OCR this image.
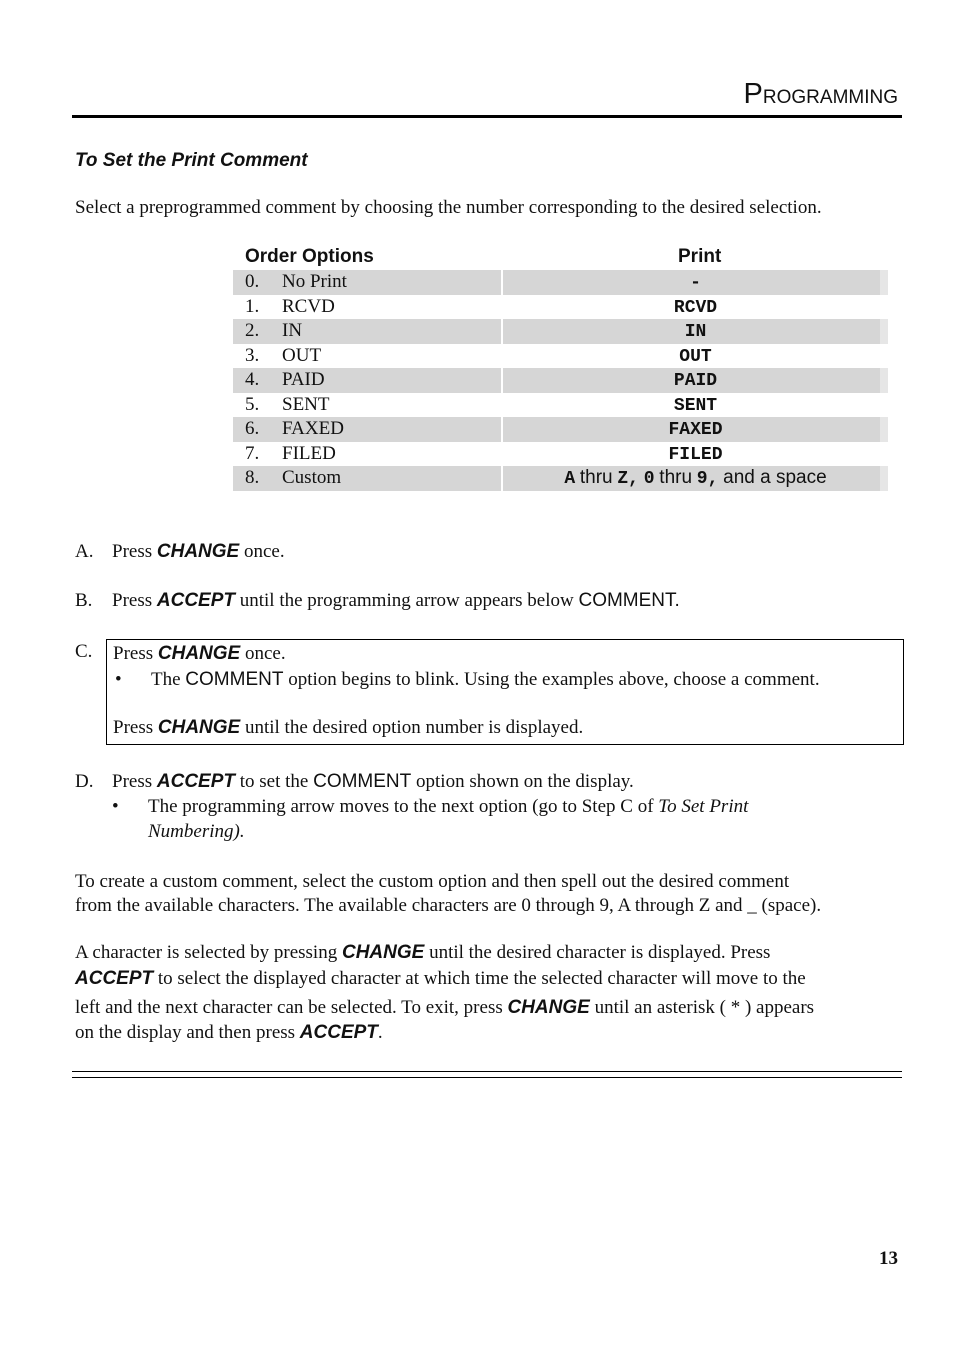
PROGRAMMING
To Set the Print Comment
Select a preprogrammed comment by choosing the number corresponding to the desired selection.
Order Options	Print
0. No Print	-
1. RCVD	RCVD
2. IN	IN
3. OUT	OUT
4. PAID	PAID
5. SENT	SENT
6. FAXED	FAXED
7. FILED	FILED
8. Custom	A thru Z, 0 thru 9, and a space
A. Press CHANGE once.
B. Press ACCEPT until the programming arrow appears below COMMENT.
C. Press CHANGE once.
• The COMMENT option begins to blink. Using the examples above, choose a comment.
Press CHANGE until the desired option number is displayed.
D. Press ACCEPT to set the COMMENT option shown on the display.
• The programming arrow moves to the next option (go to Step C of To Set Print
Numbering).
To create a custom comment, select the custom option and then spell out the desired comment
from the available characters. The available characters are 0 through 9, A through Z and _ (space).
A character is selected by pressing CHANGE until the desired character is displayed. Press
ACCEPT to select the displayed character at which time the selected character will move to the
left and the next character can be selected. To exit, press CHANGE until an asterisk ( * ) appears
on the display and then press ACCEPT.
13
